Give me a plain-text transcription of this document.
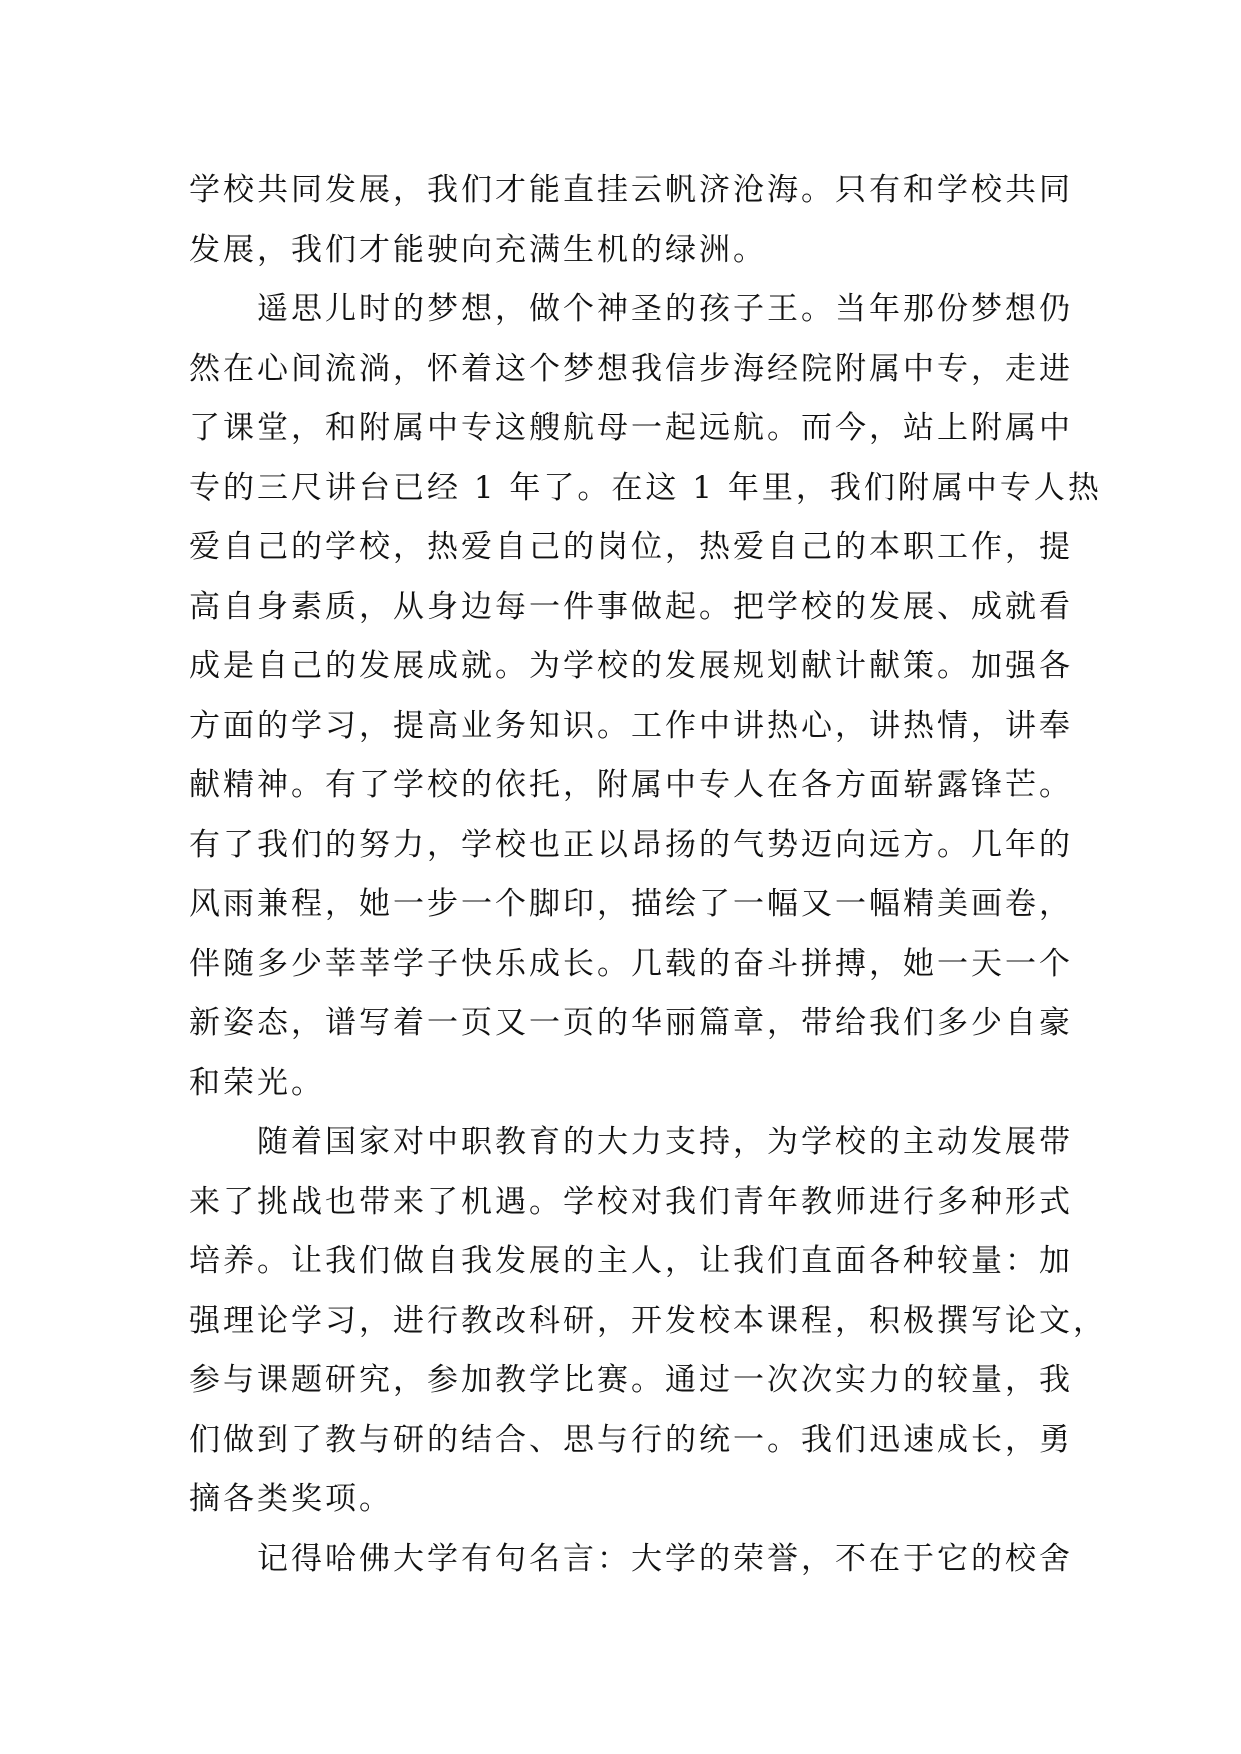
学校共同发展，我们才能直挂云帆济沧海。只有和学校共同
发展，我们才能驶向充满生机的绿洲。
遥思儿时的梦想，做个神圣的孩子王。当年那份梦想仍
然在心间流淌，怀着这个梦想我信步海经院附属中专，走进
了课堂，和附属中专这艘航母一起远航。而今，站上附属中
专的三尺讲台已经 1 年了。在这 1 年里，我们附属中专人热
爱自己的学校，热爱自己的岗位，热爱自己的本职工作，提
高自身素质，从身边每一件事做起。把学校的发展、成就看
成是自己的发展成就。为学校的发展规划献计献策。加强各
方面的学习，提高业务知识。工作中讲热心，讲热情，讲奉
献精神。有了学校的依托，附属中专人在各方面崭露锋芒。
有了我们的努力，学校也正以昂扬的气势迈向远方。几年的
风雨兼程，她一步一个脚印，描绘了一幅又一幅精美画卷，
伴随多少莘莘学子快乐成长。几载的奋斗拼搏，她一天一个
新姿态，谱写着一页又一页的华丽篇章，带给我们多少自豪
和荣光。
随着国家对中职教育的大力支持，为学校的主动发展带
来了挑战也带来了机遇。学校对我们青年教师进行多种形式
培养。让我们做自我发展的主人，让我们直面各种较量：加
强理论学习，进行教改科研，开发校本课程，积极撰写论文，
参与课题研究，参加教学比赛。通过一次次实力的较量，我
们做到了教与研的结合、思与行的统一。我们迅速成长，勇
摘各类奖项。
记得哈佛大学有句名言：大学的荣誉，不在于它的校舍
